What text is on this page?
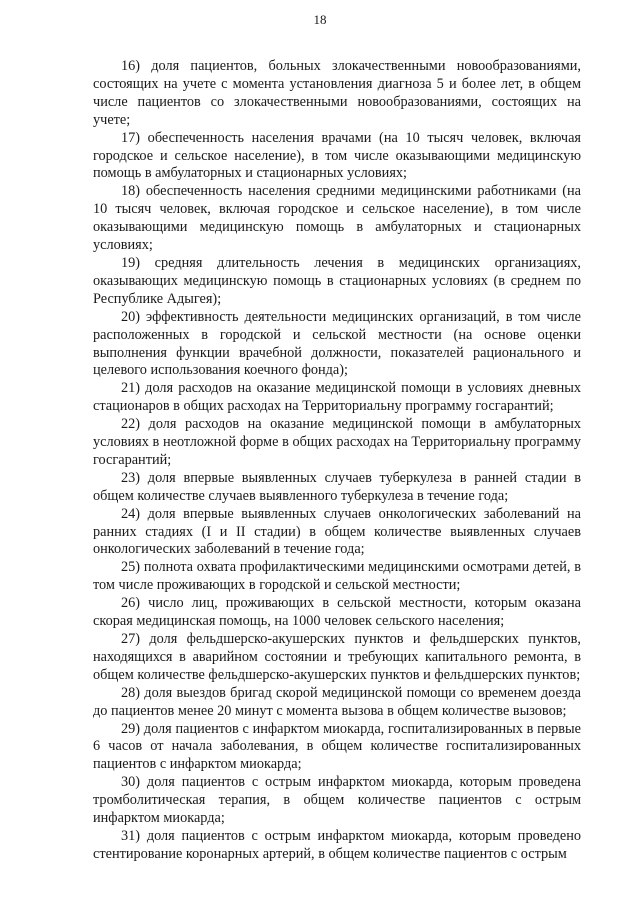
18

16) доля пациентов, больных злокачественными новообразованиями, состоящих на учете с момента установления диагноза 5 и более лет, в общем числе пациентов со злокачественными новообразованиями, состоящих на учете;

17) обеспеченность населения врачами (на 10 тысяч человек, включая городское и сельское население), в том числе оказывающими медицинскую помощь в амбулаторных и стационарных условиях;

18) обеспеченность населения средними медицинскими работниками (на 10 тысяч человек, включая городское и сельское население), в том числе оказывающими медицинскую помощь в амбулаторных и стационарных условиях;

19) средняя длительность лечения в медицинских организациях, оказывающих медицинскую помощь в стационарных условиях (в среднем по Республике Адыгея);

20) эффективность деятельности медицинских организаций, в том числе расположенных в городской и сельской местности (на основе оценки выполнения функции врачебной должности, показателей рационального и целевого использования коечного фонда);

21) доля расходов на оказание медицинской помощи в условиях дневных стационаров в общих расходах на Территориальну программу госгарантий;

22) доля расходов на оказание медицинской помощи в амбулаторных условиях в неотложной форме в общих расходах на Территориальну программу госгарантий;

23) доля впервые выявленных случаев туберкулеза в ранней стадии в общем количестве случаев выявленного туберкулеза в течение года;

24) доля впервые выявленных случаев онкологических заболеваний на ранних стадиях (I и II стадии) в общем количестве выявленных случаев онкологических заболеваний в течение года;

25) полнота охвата профилактическими медицинскими осмотрами детей, в том числе проживающих в городской и сельской местности;

26) число лиц, проживающих в сельской местности, которым оказана скорая медицинская помощь, на 1000 человек сельского населения;

27) доля фельдшерско-акушерских пунктов и фельдшерских пунктов, находящихся в аварийном состоянии и требующих капитального ремонта, в общем количестве фельдшерско-акушерских пунктов и фельдшерских пунктов;

28) доля выездов бригад скорой медицинской помощи со временем доезда до пациентов менее 20 минут с момента вызова в общем количестве вызовов;

29) доля пациентов с инфарктом миокарда, госпитализированных в первые 6 часов от начала заболевания, в общем количестве госпитализированных пациентов с инфарктом миокарда;

30) доля пациентов с острым инфарктом миокарда, которым проведена тромболитическая терапия, в общем количестве пациентов с острым инфарктом миокарда;

31) доля пациентов с острым инфарктом миокарда, которым проведено стентирование коронарных артерий, в общем количестве пациентов с острым
